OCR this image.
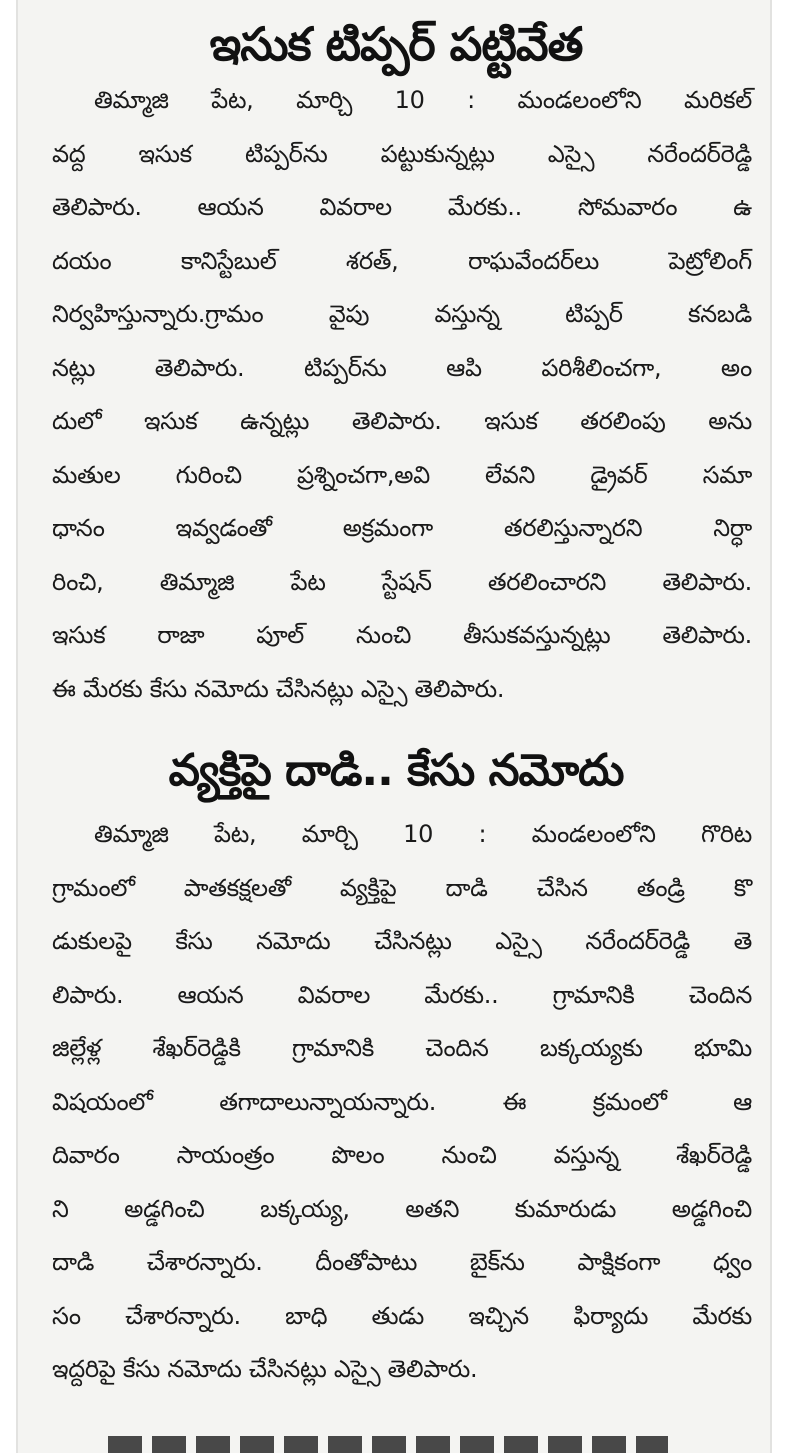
ఇసుక టిప్పర్ పట్టివేత
తిమ్మాజి పేట, మార్చి 10 : మండలంలోని మరికల్
వద్ద ఇసుక టిప్పర్‌ను పట్టుకున్నట్లు ఎస్సై నరేందర్‌రెడ్డి
తెలిపారు. ఆయన వివరాల మేరకు.. సోమవారం ఉ
దయం కానిస్టేబుల్ శరత్, రాఘవేందర్‌లు పెట్రోలింగ్
నిర్వహిస్తున్నారు.గ్రామం వైపు వస్తున్న టిప్పర్ కనబడి
నట్లు తెలిపారు. టిప్పర్‌ను ఆపి పరిశీలించగా, అం
దులో ఇసుక ఉన్నట్లు తెలిపారు. ఇసుక తరలింపు అను
మతుల గురించి ప్రశ్నించగా,అవి లేవని డ్రైవర్ సమా
ధానం ఇవ్వడంతో అక్రమంగా తరలిస్తున్నారని నిర్ధా
రించి, తిమ్మాజి పేట స్టేషన్ తరలించారని తెలిపారు.
ఇసుక రాజా పూల్ నుంచి తీసుకవస్తున్నట్లు తెలిపారు.
ఈ మేరకు కేసు నమోదు చేసినట్లు ఎస్సై తెలిపారు.
వ్యక్తిపై దాడి.. కేసు నమోదు
తిమ్మాజి పేట, మార్చి 10 : మండలంలోని గొరిట
గ్రామంలో పాతకక్షలతో వ్యక్తిపై దాడి చేసిన తండ్రి కొ
డుకులపై కేసు నమోదు చేసినట్లు ఎస్సై నరేందర్‌రెడ్డి తె
లిపారు. ఆయన వివరాల మేరకు.. గ్రామానికి చెందిన
జిల్లేళ్ల శేఖర్‌రెడ్డికి గ్రామానికి చెందిన బక్కయ్యకు భూమి
విషయంలో తగాదాలున్నాయన్నారు. ఈ క్రమంలో ఆ
దివారం సాయంత్రం పొలం నుంచి వస్తున్న శేఖర్‌రెడ్డి
ని అడ్డగించి బక్కయ్య, అతని కుమారుడు అడ్డగించి
దాడి చేశారన్నారు. దీంతోపాటు బైక్‌ను పాక్షికంగా ధ్వం
సం చేశారన్నారు. బాధి తుడు ఇచ్చిన ఫిర్యాదు మేరకు
ఇద్దరిపై కేసు నమోదు చేసినట్లు ఎస్సై తెలిపారు.
